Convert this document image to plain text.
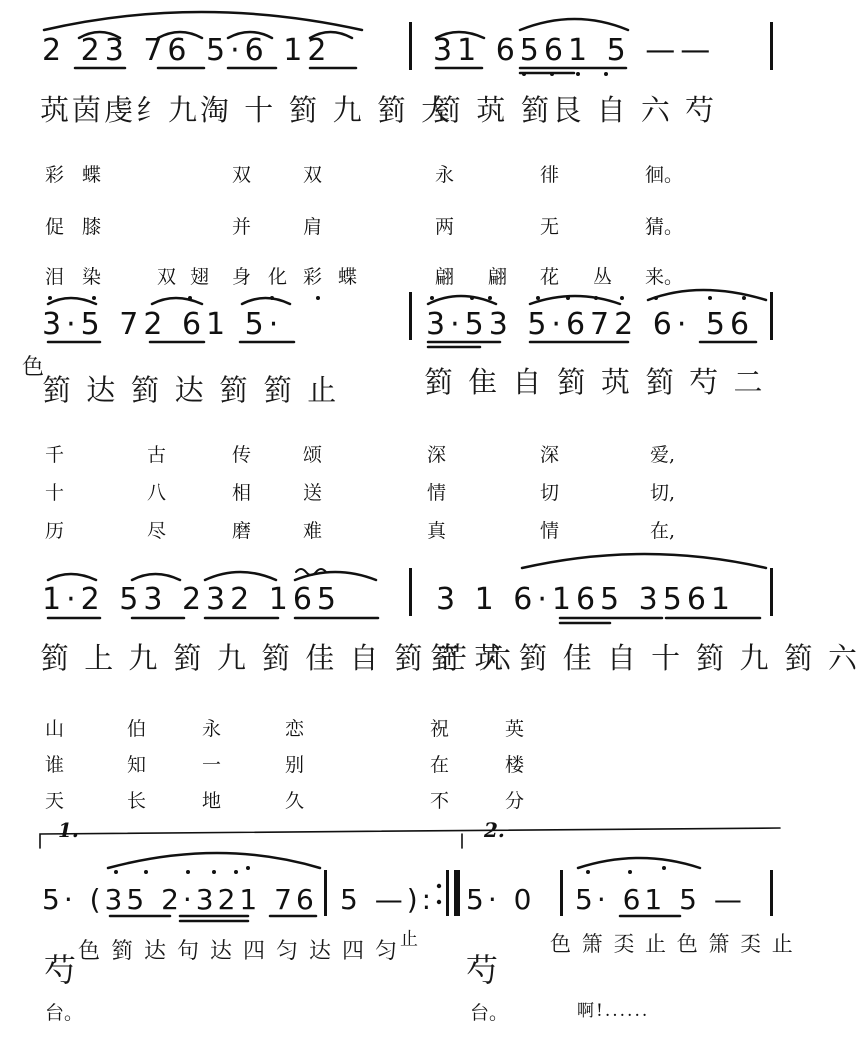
2 23 76 5·6 12	31 6561 5 ——
茿茵虔纟九淘 十 箌 九 箌 大
箌 茿 箌艮 自 六 芍
彩 蝶	双	双	永	徘	徊。
促 膝	并	肩	两	无	猜。
泪 染	双 翅 身 化 彩 蝶	翩 翩 花 丛 来。
3·5 72 61 5·	3·53 5·672 6· 56
色
箌 达 箌 达 箌 箌 止	箌 隹 自 箌 茿 箌 芍 二
千	古	传	颂	深	深	爱,
十	八	相	送	情	切	切,
历	尽	磨	难	真	情	在,
1·2 53 232 165	3 1 6·165 3561
箌 上 九 箌 九 箌 佳 自 箌 芒 六
箌 茿 箌 佳 自 十 箌 九 箌 六
山	伯	永	恋	祝	英
谁	知	一	别	在	楼
天	长	地	久	不	分
1.	2.
5· (35 2·321 76 5 —): 5· 0 5· 61 5 —
芍
色 箌 达 句 达 四 匀 达 四 匀 止
芍
色 箫 奀 止 色 箫 奀 止
台。	台。	啊!......
